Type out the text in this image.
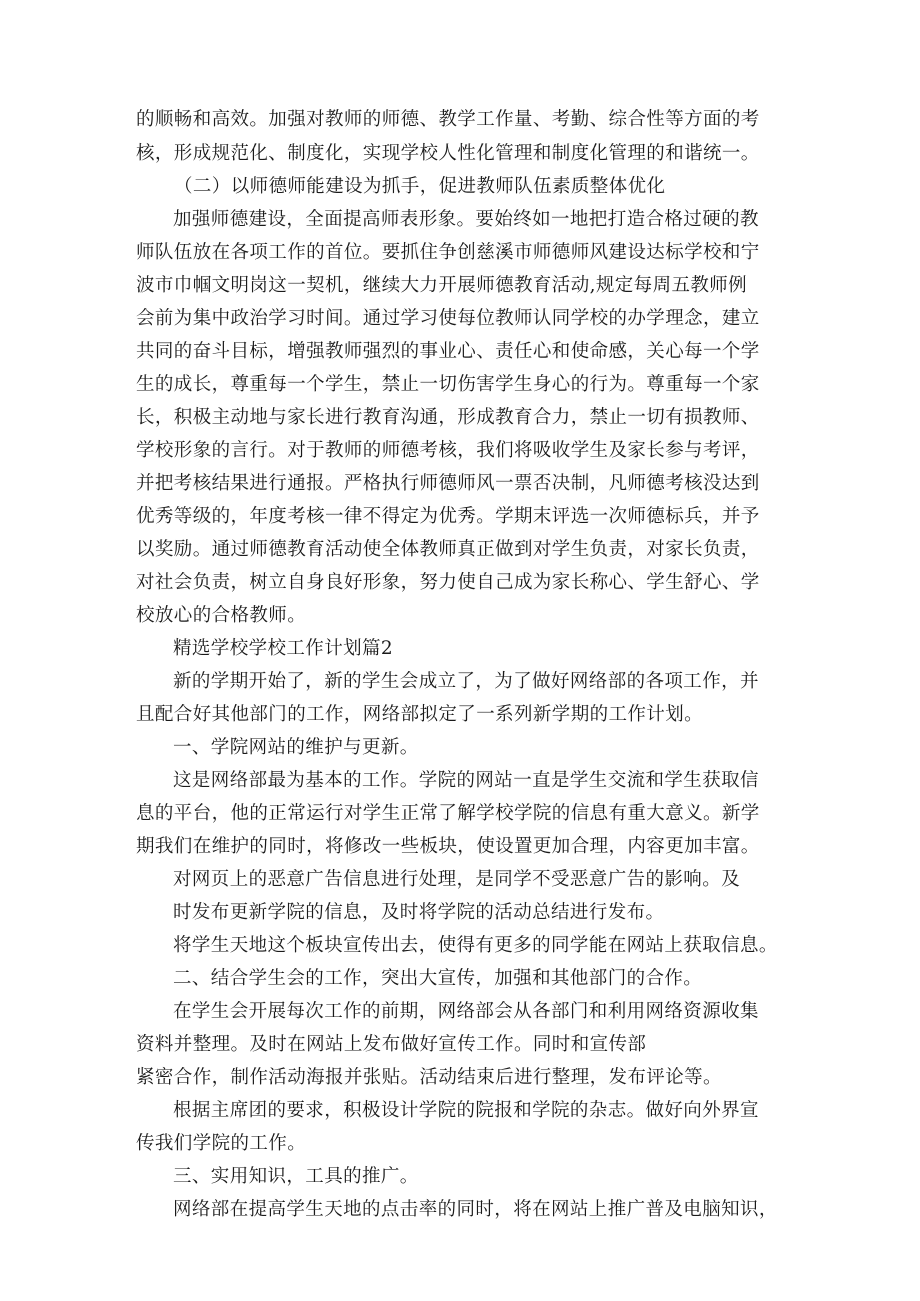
的顺畅和高效。加强对教师的师德、教学工作量、考勤、综合性等方面的考
核，形成规范化、制度化，实现学校人性化管理和制度化管理的和谐统一。
（二）以师德师能建设为抓手，促进教师队伍素质整体优化
加强师德建设，全面提高师表形象。要始终如一地把打造合格过硬的教
师队伍放在各项工作的首位。要抓住争创慈溪市师德师风建设达标学校和宁
波市巾帼文明岗这一契机，继续大力开展师德教育活动,规定每周五教师例
会前为集中政治学习时间。通过学习使每位教师认同学校的办学理念，建立
共同的奋斗目标，增强教师强烈的事业心、责任心和使命感，关心每一个学
生的成长，尊重每一个学生，禁止一切伤害学生身心的行为。尊重每一个家
长，积极主动地与家长进行教育沟通，形成教育合力，禁止一切有损教师、
学校形象的言行。对于教师的师德考核，我们将吸收学生及家长参与考评，
并把考核结果进行通报。严格执行师德师风一票否决制，凡师德考核没达到
优秀等级的，年度考核一律不得定为优秀。学期末评选一次师德标兵，并予
以奖励。通过师德教育活动使全体教师真正做到对学生负责，对家长负责，
对社会负责，树立自身良好形象，努力使自己成为家长称心、学生舒心、学
校放心的合格教师。
精选学校学校工作计划篇2
新的学期开始了，新的学生会成立了，为了做好网络部的各项工作，并
且配合好其他部门的工作，网络部拟定了一系列新学期的工作计划。
一、学院网站的维护与更新。
这是网络部最为基本的工作。学院的网站一直是学生交流和学生获取信
息的平台，他的正常运行对学生正常了解学校学院的信息有重大意义。新学
期我们在维护的同时，将修改一些板块，使设置更加合理，内容更加丰富。
对网页上的恶意广告信息进行处理，是同学不受恶意广告的影响。及
时发布更新学院的信息，及时将学院的活动总结进行发布。
将学生天地这个板块宣传出去，使得有更多的同学能在网站上获取信息。
二、结合学生会的工作，突出大宣传，加强和其他部门的合作。
在学生会开展每次工作的前期，网络部会从各部门和利用网络资源收集
资料并整理。及时在网站上发布做好宣传工作。同时和宣传部
紧密合作，制作活动海报并张贴。活动结束后进行整理，发布评论等。
根据主席团的要求，积极设计学院的院报和学院的杂志。做好向外界宣
传我们学院的工作。
三、实用知识，工具的推广。
网络部在提高学生天地的点击率的同时，将在网站上推广普及电脑知识，
